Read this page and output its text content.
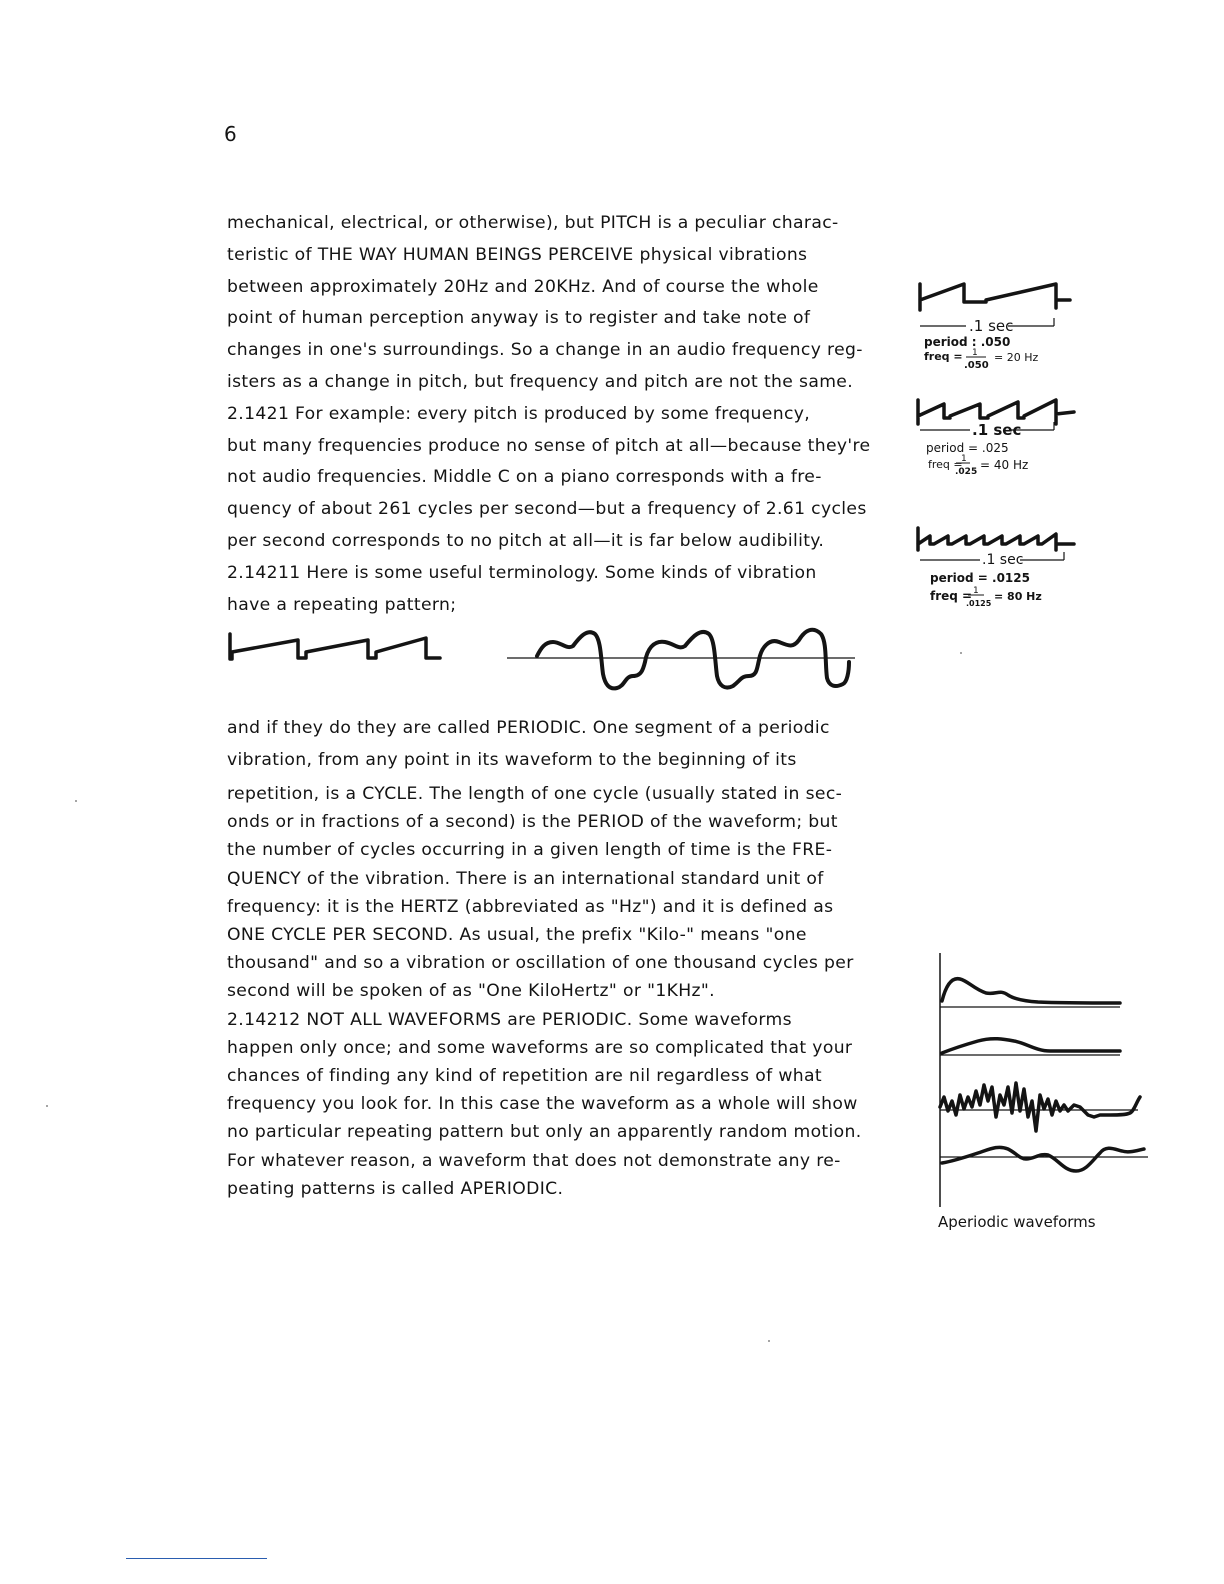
6
mechanical, electrical, or otherwise), but PITCH is a peculiar charac-
teristic of THE WAY HUMAN BEINGS PERCEIVE physical vibrations
between approximately 20Hz and 20KHz. And of course the whole
point of human perception anyway is to register and take note of
changes in one's surroundings. So a change in an audio frequency reg-
isters as a change in pitch, but frequency and pitch are not the same.
2.1421 For example: every pitch is produced by some frequency,
but many frequencies produce no sense of pitch at all—because they're
not audio frequencies. Middle C on a piano corresponds with a fre-
quency of about 261 cycles per second—but a frequency of 2.61 cycles
per second corresponds to no pitch at all—it is far below audibility.
2.14211 Here is some useful terminology. Some kinds of vibration
have a repeating pattern;
and if they do they are called PERIODIC. One segment of a periodic
vibration, from any point in its waveform to the beginning of its
repetition, is a CYCLE. The length of one cycle (usually stated in sec-
onds or in fractions of a second) is the PERIOD of the waveform; but
the number of cycles occurring in a given length of time is the FRE-
QUENCY of the vibration. There is an international standard unit of
frequency: it is the HERTZ (abbreviated as "Hz") and it is defined as
ONE CYCLE PER SECOND. As usual, the prefix "Kilo-" means "one
thousand" and so a vibration or oscillation of one thousand cycles per
second will be spoken of as "One KiloHertz" or "1KHz".
2.14212 NOT ALL WAVEFORMS are PERIODIC. Some waveforms
happen only once; and some waveforms are so complicated that your
chances of finding any kind of repetition are nil regardless of what
frequency you look for. In this case the waveform as a whole will show
no particular repeating pattern but only an apparently random motion.
For whatever reason, a waveform that does not demonstrate any re-
peating patterns is called APERIODIC.
.1 sec
period : .050
freq = 1
.050
= 20 Hz
.1 sec
period = .025
freq =
1
.025 = 40 Hz
.1 sec
period = .0125
freq = 1
.0125
= 80 Hz
Aperiodic waveforms
